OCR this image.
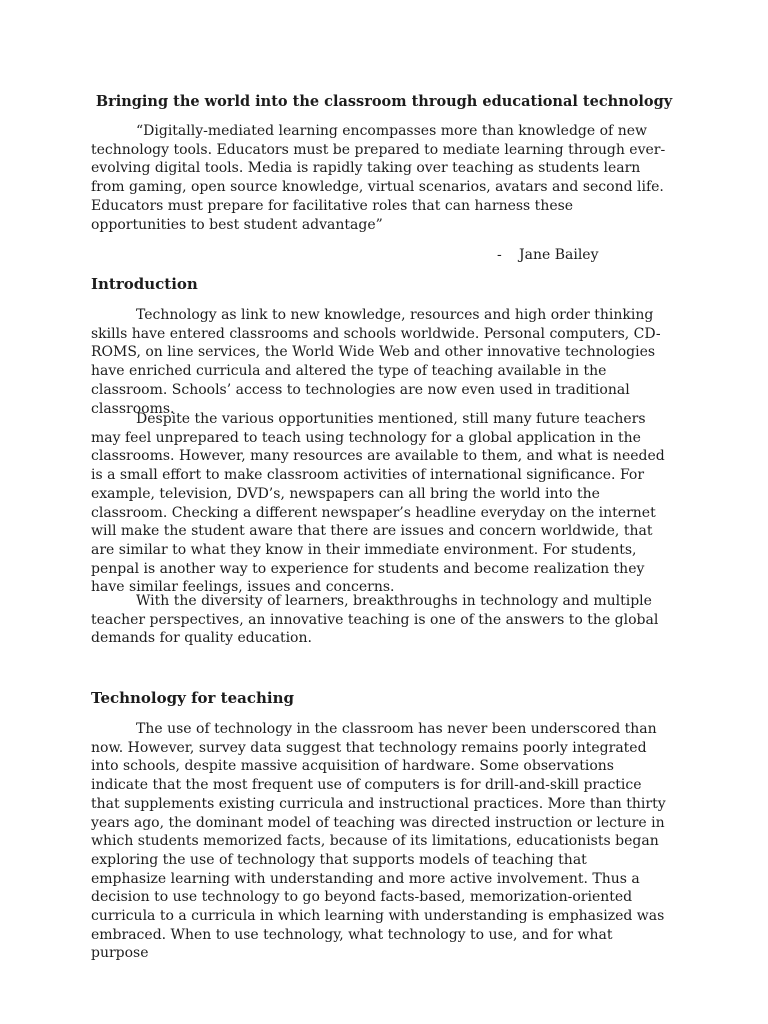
Bringing the world into the classroom through educational technology

“Digitally-mediated learning encompasses more than knowledge of new technology tools. Educators must be prepared to mediate learning through ever-evolving digital tools. Media is rapidly taking over teaching as students learn from gaming, open source knowledge, virtual scenarios, avatars and second life. Educators must prepare for facilitative roles that can harness these opportunities to best student advantage”

- Jane Bailey
Introduction

Technology as link to new knowledge, resources and high order thinking skills have entered classrooms and schools worldwide. Personal computers, CD-ROMS, on line services, the World Wide Web and other innovative technologies have enriched curricula and altered the type of teaching available in the classroom. Schools’ access to technologies are now even used in traditional classrooms.

Despite the various opportunities mentioned, still many future teachers may feel unprepared to teach using technology for a global application in the classrooms. However, many resources are available to them, and what is needed is a small effort to make classroom activities of international significance. For example, television, DVD’s, newspapers can all bring the world into the classroom. Checking a different newspaper’s headline everyday on the internet will make the student aware that there are issues and concern worldwide, that are similar to what they know in their immediate environment. For students, penpal is another way to experience for students and become realization they have similar feelings, issues and concerns.

With the diversity of learners, breakthroughs in technology and multiple teacher perspectives, an innovative teaching is one of the answers to the global demands for quality education.

Technology for teaching

The use of technology in the classroom has never been underscored than now. However, survey data suggest that technology remains poorly integrated into schools, despite massive acquisition of hardware. Some observations indicate that the most frequent use of computers is for drill-and-skill practice that supplements existing curricula and instructional practices. More than thirty years ago, the dominant model of teaching was directed instruction or lecture in which students memorized facts, because of its limitations, educationists began exploring the use of technology that supports models of teaching that emphasize learning with understanding and more active involvement. Thus a decision to use technology to go beyond facts-based, memorization-oriented curricula to a curricula in which learning with understanding is emphasized was embraced. When to use technology, what technology to use, and for what purpose
